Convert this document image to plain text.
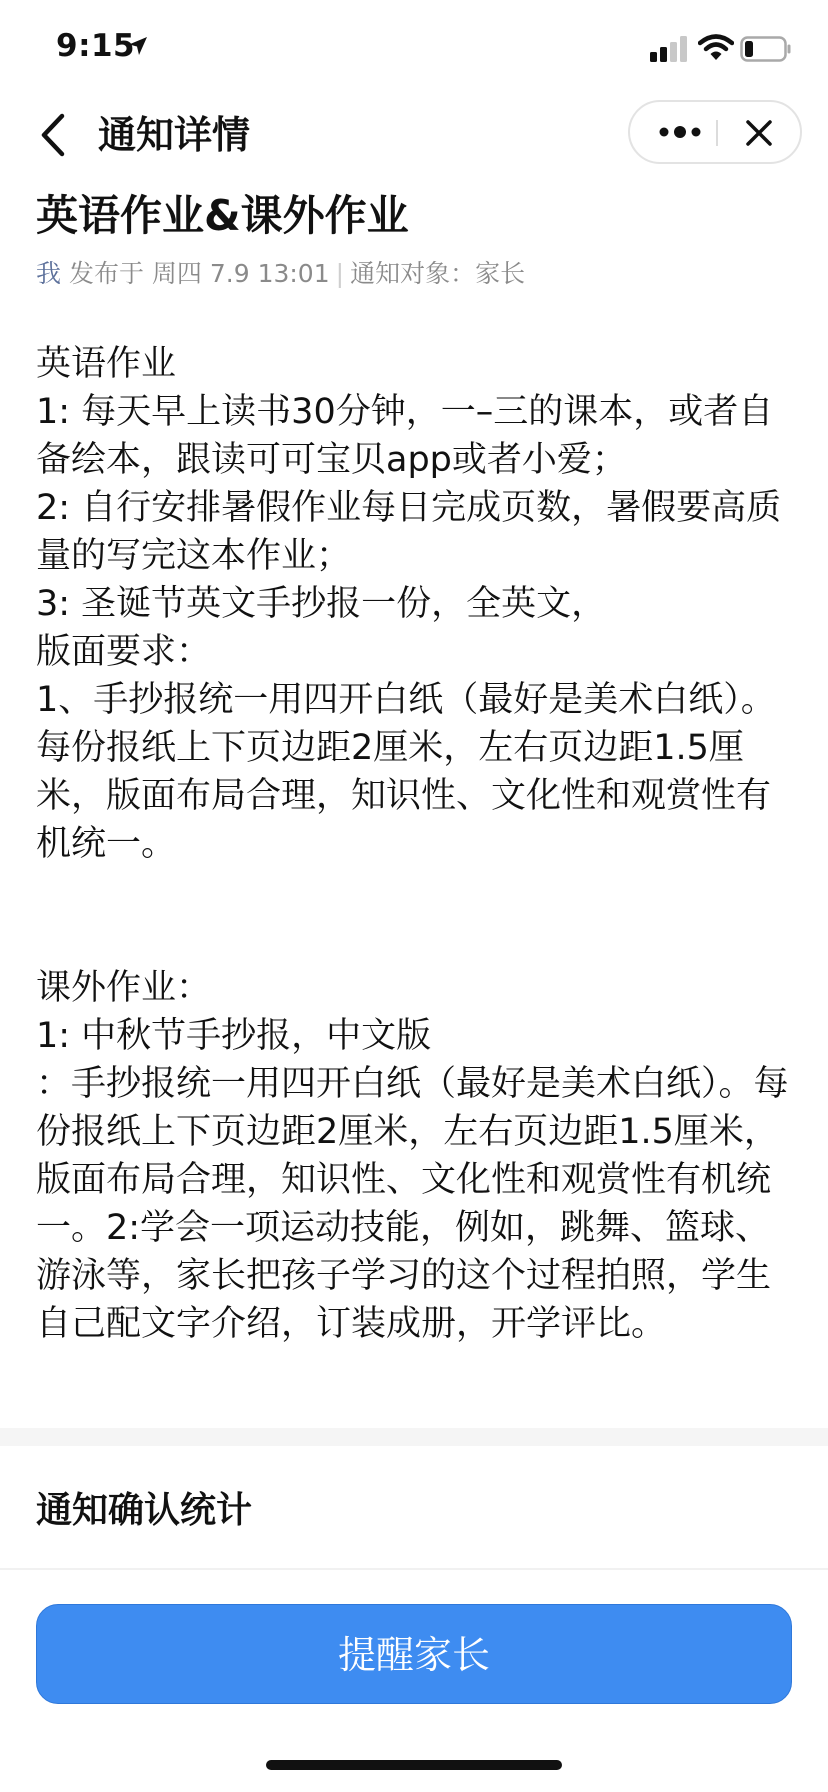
9:15
通知详情
英语作业&课外作业
我 发布于 周四 7.9 13:01 | 通知对象：家长

英语作业

1: 每天早上读书30分钟，一–三的课本，或者自备绘本，跟读可可宝贝app或者小爱；

2: 自行安排暑假作业每日完成页数，暑假要高质量的写完这本作业；

3: 圣诞节英文手抄报一份，全英文，

版面要求：

1、手抄报统一用四开白纸（最好是美术白纸）。每份报纸上下页边距2厘米，左右页边距1.5厘米，版面布局合理，知识性、文化性和观赏性有机统一。

课外作业：

1: 中秋节手抄报，中文版

：手抄报统一用四开白纸（最好是美术白纸）。每份报纸上下页边距2厘米，左右页边距1.5厘米，版面布局合理，知识性、文化性和观赏性有机统一。2:学会一项运动技能，例如，跳舞、篮球、游泳等，家长把孩子学习的这个过程拍照，学生自己配文字介绍，订装成册，开学评比。

通知确认统计
提醒家长
